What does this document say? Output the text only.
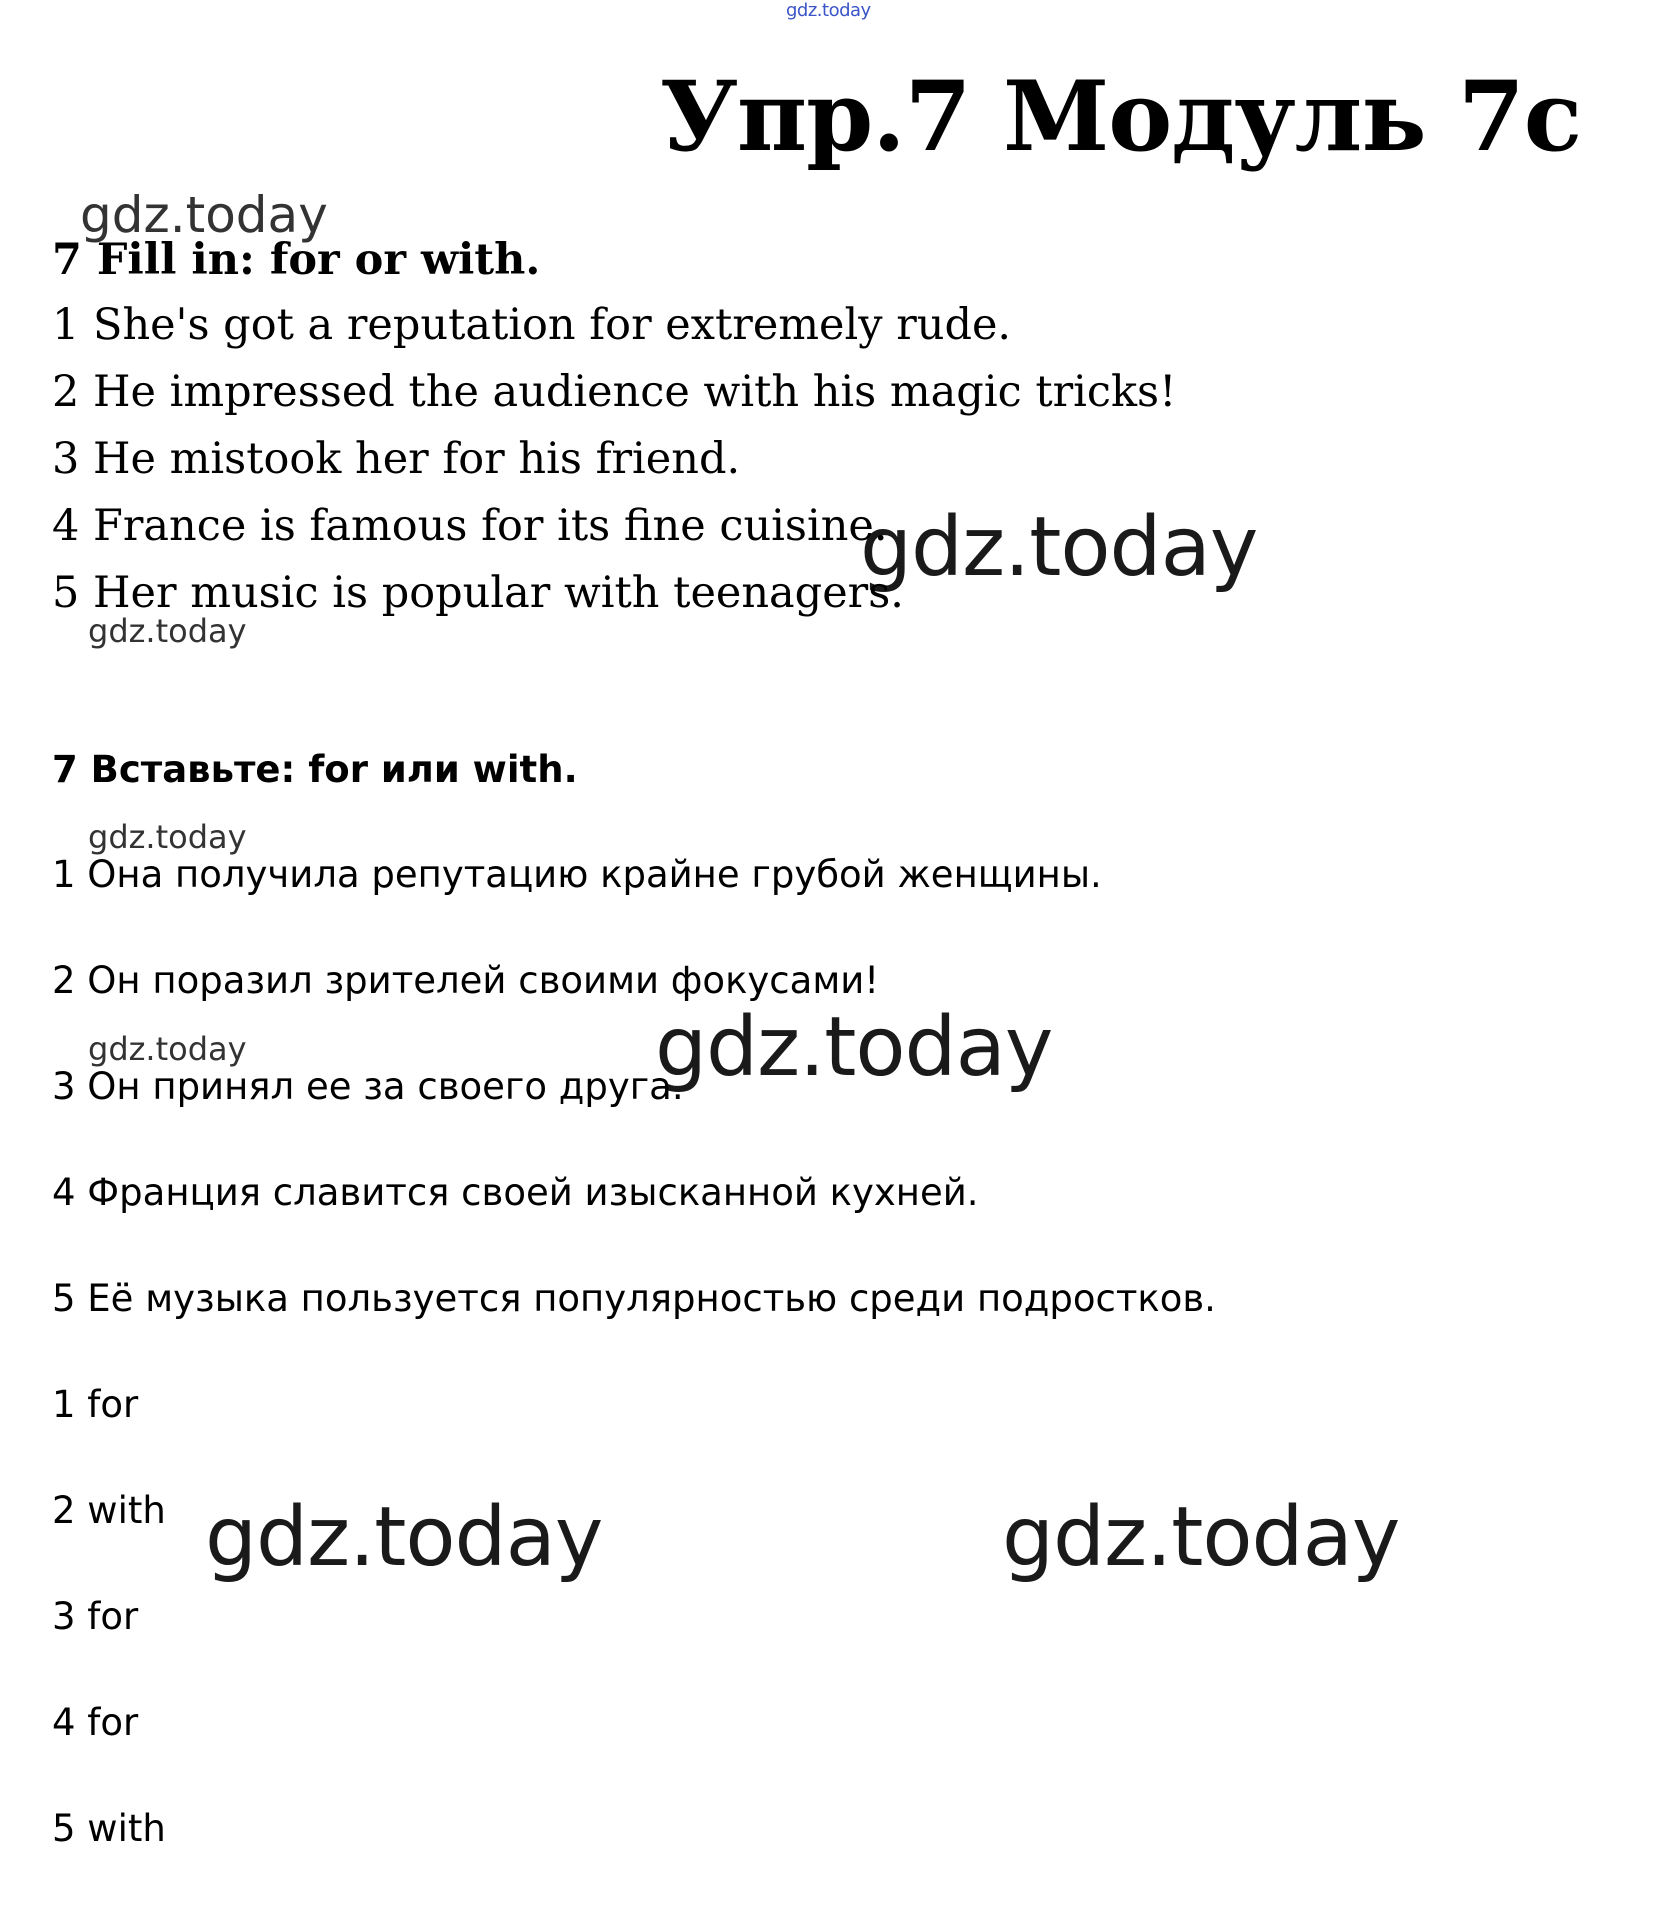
gdz.today
gdz.today
gdz.today
gdz.today
gdz.today
gdz.today	gdz.today
gdz.today	gdz.today
Упр.7 Модуль 7с
7 Fill in: for or with.
1 She's got a reputation for extremely rude.
2 He impressed the audience with his magic tricks!
3 He mistook her for his friend.
4 France is famous for its fine cuisine.
5 Her music is popular with teenagers.
7 Вставьте: for или with.
1 Она получила репутацию крайне грубой женщины.
2 Он поразил зрителей своими фокусами!
3 Он принял ее за своего друга.
4 Франция славится своей изысканной кухней.
5 Её музыка пользуется популярностью среди подростков.
1 for
2 with
3 for
4 for
5 with
